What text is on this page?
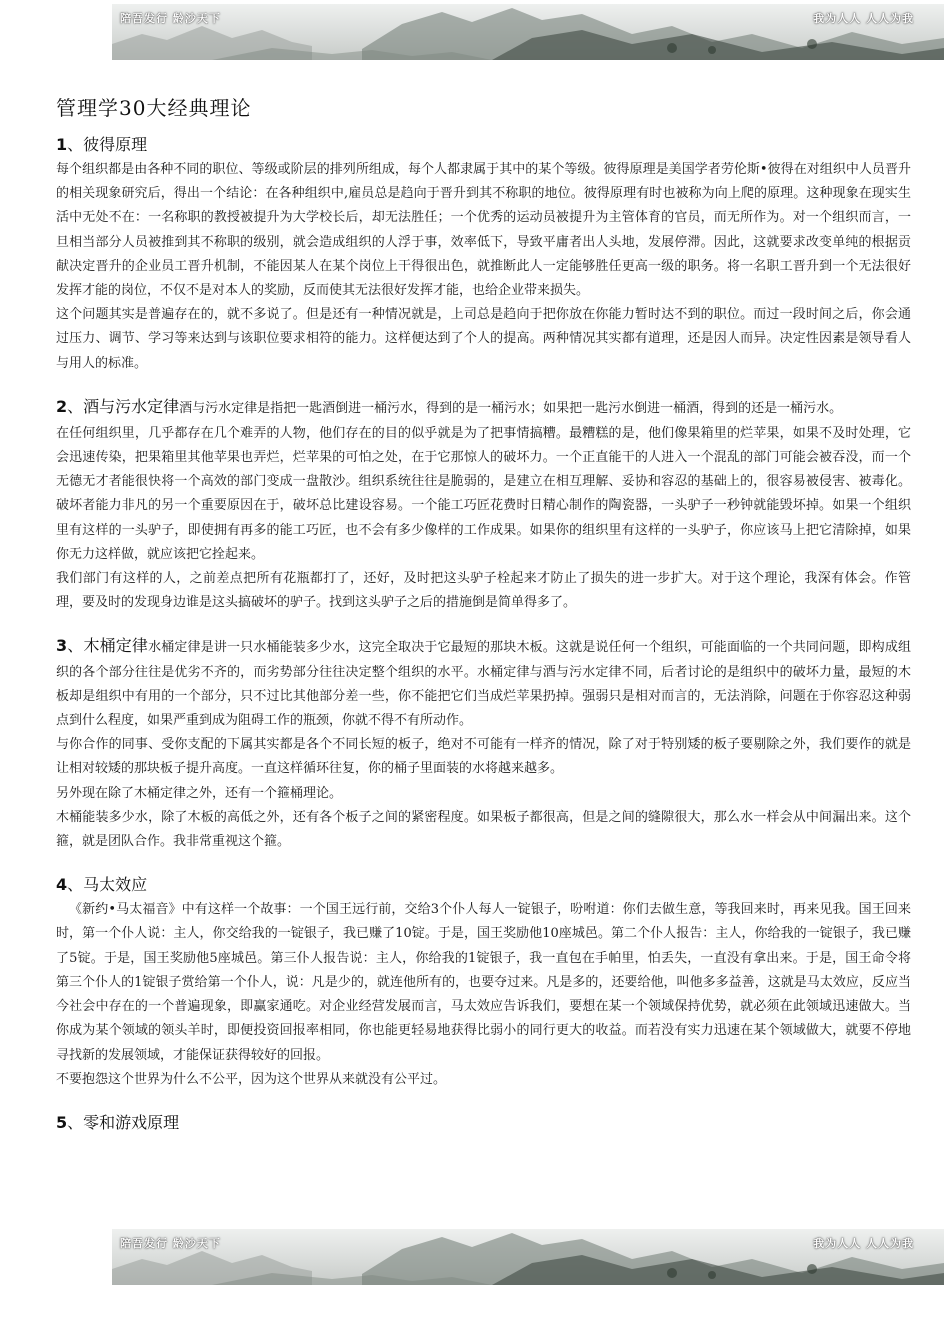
陪吾发行 龄沙天下	我为人人 人人为我
管理学30大经典理论
1、彼得原理

每个组织都是由各种不同的职位、等级或阶层的排列所组成，每个人都隶属于其中的某个等级。彼得原理是美国学者劳伦斯•彼得在对组织中人员晋升的相关现象研究后，得出一个结论：在各种组织中,雇员总是趋向于晋升到其不称职的地位。彼得原理有时也被称为向上爬的原理。这种现象在现实生活中无处不在：一名称职的教授被提升为大学校长后，却无法胜任；一个优秀的运动员被提升为主管体育的官员，而无所作为。对一个组织而言，一旦相当部分人员被推到其不称职的级别，就会造成组织的人浮于事，效率低下，导致平庸者出人头地，发展停滞。因此，这就要求改变单纯的根据贡献决定晋升的企业员工晋升机制，不能因某人在某个岗位上干得很出色，就推断此人一定能够胜任更高一级的职务。将一名职工晋升到一个无法很好发挥才能的岗位，不仅不是对本人的奖励，反而使其无法很好发挥才能，也给企业带来损失。

这个问题其实是普遍存在的，就不多说了。但是还有一种情况就是，上司总是趋向于把你放在你能力暂时达不到的职位。而过一段时间之后，你会通过压力、调节、学习等来达到与该职位要求相符的能力。这样便达到了个人的提高。两种情况其实都有道理，还是因人而异。决定性因素是领导看人与用人的标准。

2、酒与污水定律酒与污水定律是指把一匙酒倒进一桶污水，得到的是一桶污水；如果把一匙污水倒进一桶酒，得到的还是一桶污水。

在任何组织里，几乎都存在几个难弄的人物，他们存在的目的似乎就是为了把事情搞糟。最糟糕的是，他们像果箱里的烂苹果，如果不及时处理，它会迅速传染，把果箱里其他苹果也弄烂，烂苹果的可怕之处，在于它那惊人的破坏力。一个正直能干的人进入一个混乱的部门可能会被吞没，而一个无德无才者能很快将一个高效的部门变成一盘散沙。组织系统往往是脆弱的，是建立在相互理解、妥协和容忍的基础上的，很容易被侵害、被毒化。破坏者能力非凡的另一个重要原因在于，破坏总比建设容易。一个能工巧匠花费时日精心制作的陶瓷器，一头驴子一秒钟就能毁坏掉。如果一个组织里有这样的一头驴子，即使拥有再多的能工巧匠，也不会有多少像样的工作成果。如果你的组织里有这样的一头驴子，你应该马上把它清除掉，如果你无力这样做，就应该把它拴起来。

我们部门有这样的人，之前差点把所有花瓶都打了，还好，及时把这头驴子栓起来才防止了损失的进一步扩大。对于这个理论，我深有体会。作管理，要及时的发现身边谁是这头搞破坏的驴子。找到这头驴子之后的措施倒是简单得多了。

3、木桶定律水桶定律是讲一只水桶能装多少水，这完全取决于它最短的那块木板。这就是说任何一个组织，可能面临的一个共同问题，即构成组织的各个部分往往是优劣不齐的，而劣势部分往往决定整个组织的水平。水桶定律与酒与污水定律不同，后者讨论的是组织中的破坏力量，最短的木板却是组织中有用的一个部分，只不过比其他部分差一些，你不能把它们当成烂苹果扔掉。强弱只是相对而言的，无法消除，问题在于你容忍这种弱点到什么程度，如果严重到成为阻碍工作的瓶颈，你就不得不有所动作。

与你合作的同事、受你支配的下属其实都是各个不同长短的板子，绝对不可能有一样齐的情况，除了对于特别矮的板子要剔除之外，我们要作的就是让相对较矮的那块板子提升高度。一直这样循环往复，你的桶子里面装的水将越来越多。

另外现在除了木桶定律之外，还有一个箍桶理论。

木桶能装多少水，除了木板的高低之外，还有各个板子之间的紧密程度。如果板子都很高，但是之间的缝隙很大，那么水一样会从中间漏出来。这个箍，就是团队合作。我非常重视这个箍。

4、马太效应

《新约•马太福音》中有这样一个故事：一个国王远行前，交给3个仆人每人一锭银子，吩咐道：你们去做生意，等我回来时，再来见我。国王回来时，第一个仆人说：主人，你交给我的一锭银子，我已赚了10锭。于是，国王奖励他10座城邑。第二个仆人报告：主人，你给我的一锭银子，我已赚了5锭。于是，国王奖励他5座城邑。第三仆人报告说：主人，你给我的1锭银子，我一直包在手帕里，怕丢失，一直没有拿出来。于是，国王命令将第三个仆人的1锭银子赏给第一个仆人，说：凡是少的，就连他所有的，也要夺过来。凡是多的，还要给他，叫他多多益善，这就是马太效应，反应当今社会中存在的一个普遍现象，即赢家通吃。对企业经营发展而言，马太效应告诉我们，要想在某一个领域保持优势，就必须在此领域迅速做大。当你成为某个领域的领头羊时，即便投资回报率相同，你也能更轻易地获得比弱小的同行更大的收益。而若没有实力迅速在某个领域做大，就要不停地寻找新的发展领域，才能保证获得较好的回报。

不要抱怨这个世界为什么不公平，因为这个世界从来就没有公平过。

5、零和游戏原理
陪吾发行 龄沙天下	我为人人 人人为我
